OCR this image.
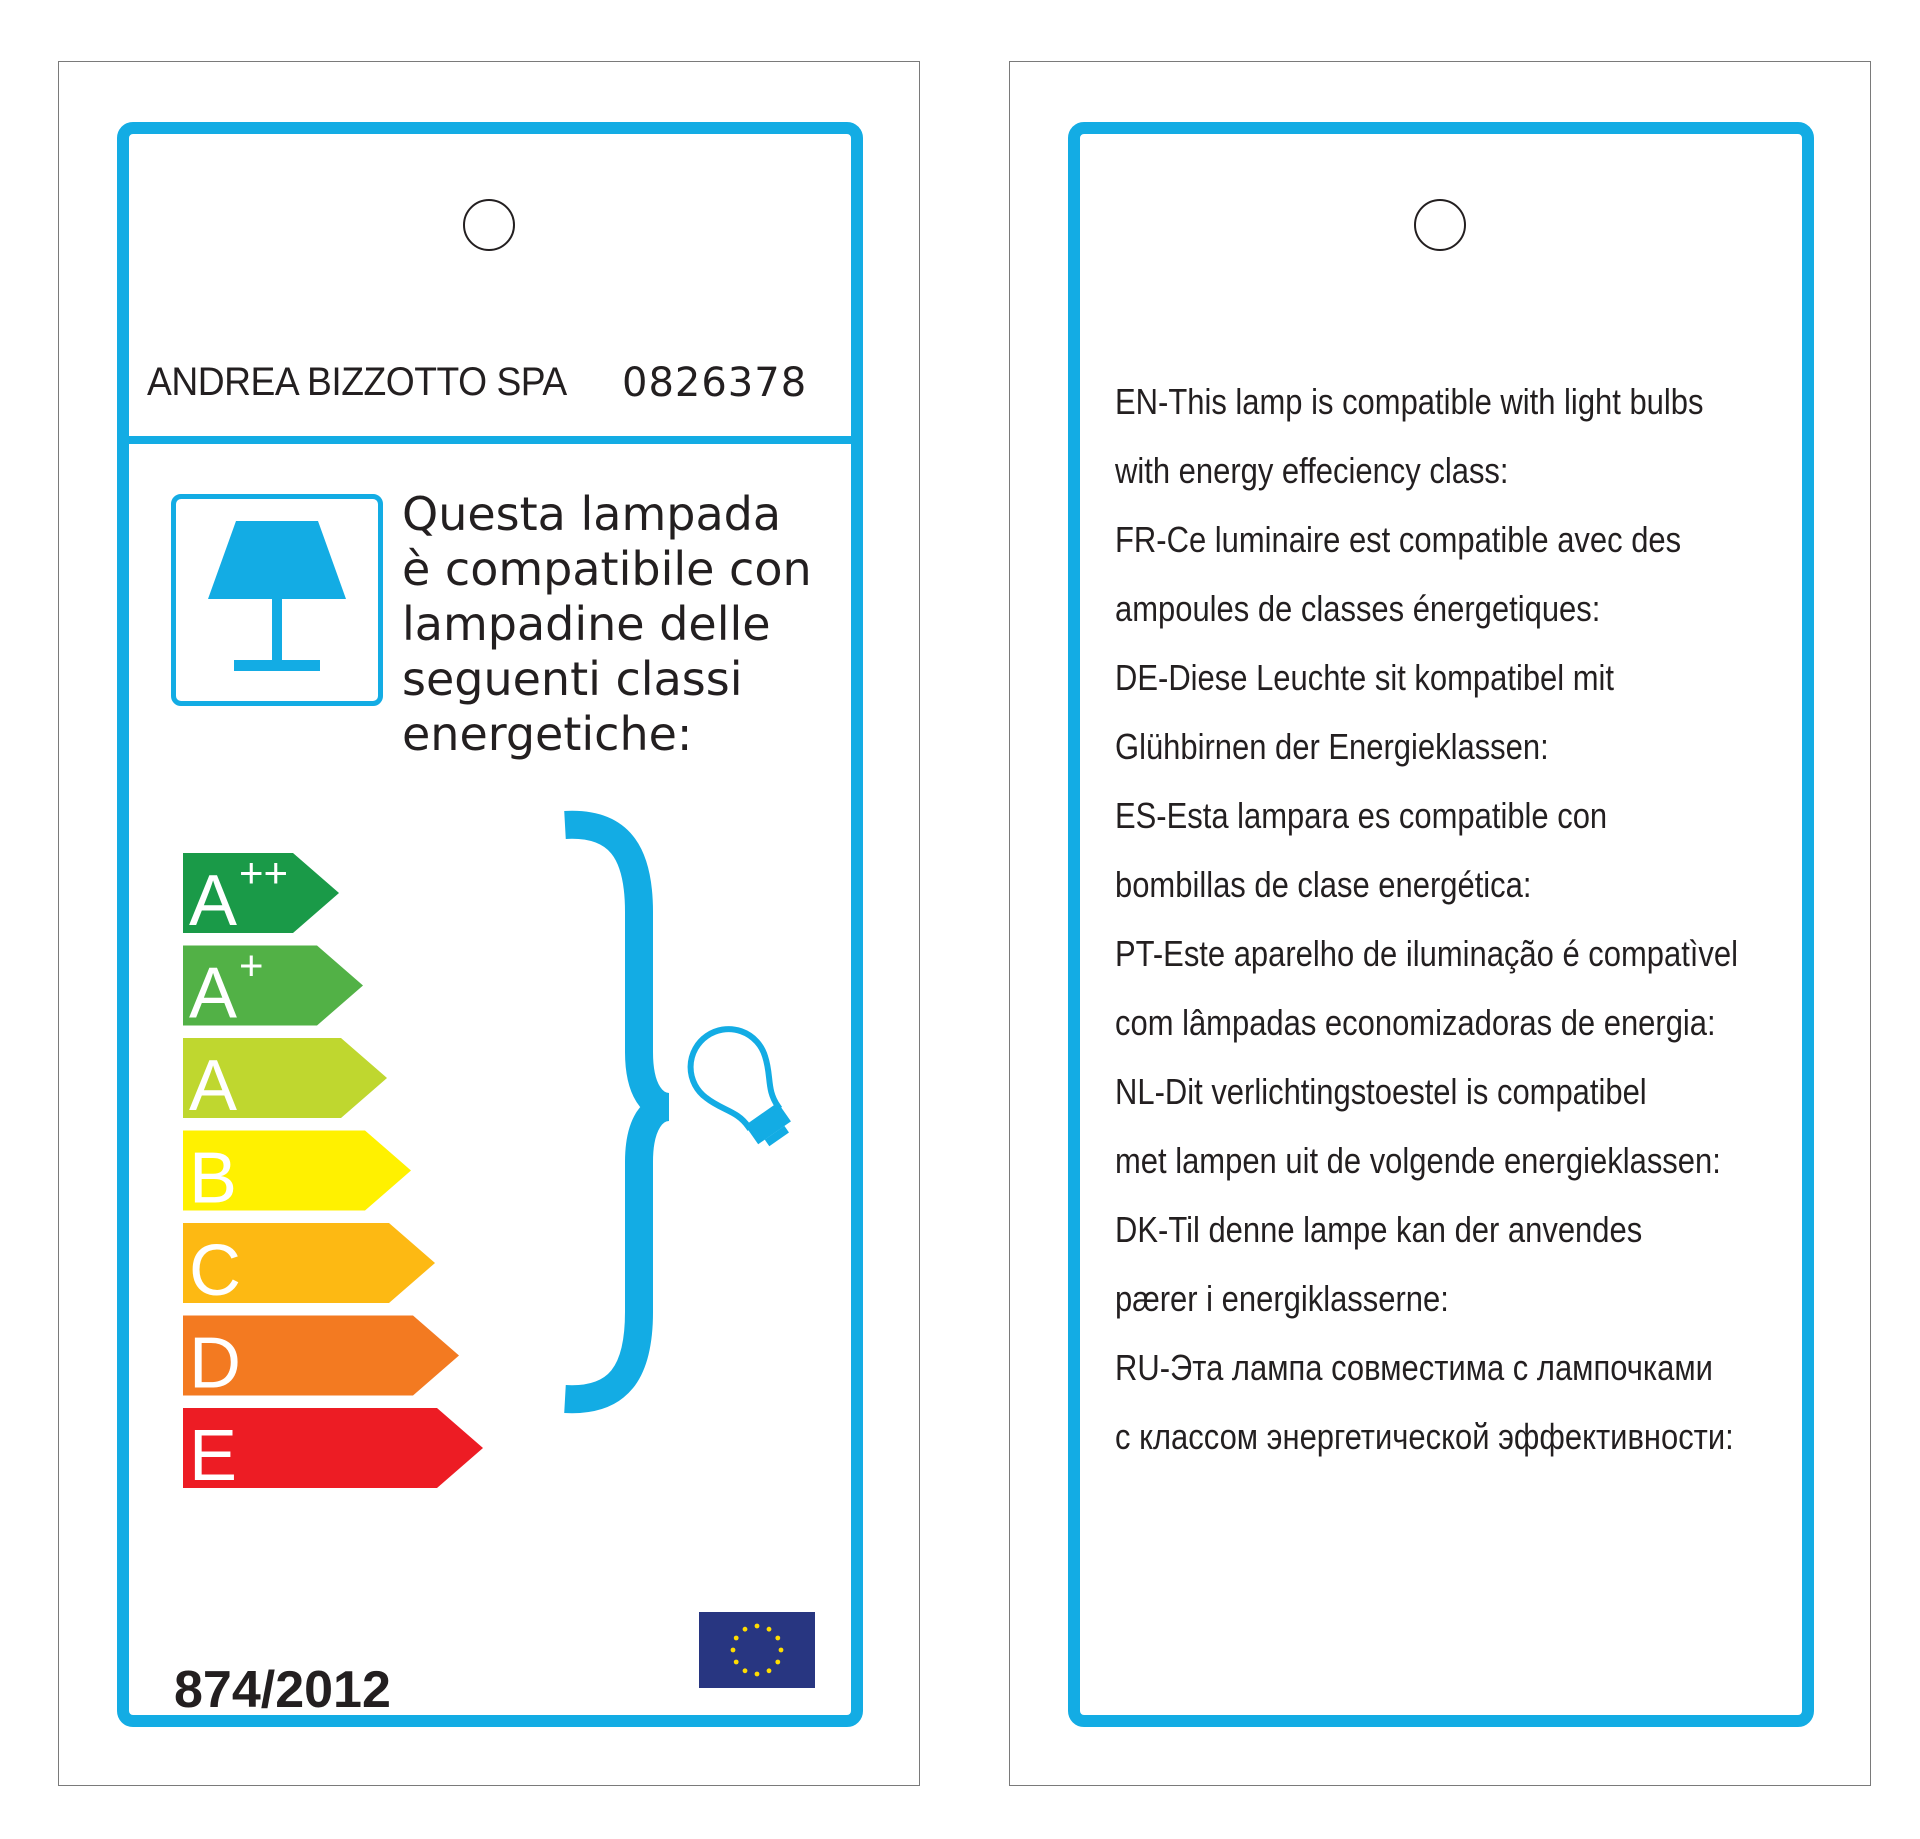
ANDREA BIZZOTTO SPA 0826378
Questa lampada
è compatibile con
lampadine delle
seguenti classi
energetiche:
A ++
A +
A
B
C
D
E
874/2012
EN-This lamp is compatible with light bulbs
with energy effeciency class:
FR-Ce luminaire est compatible avec des
ampoules de classes énergetiques:
DE-Diese Leuchte sit kompatibel mit
Glühbirnen der Energieklassen:
ES-Esta lampara es compatible con
bombillas de clase energética:
PT-Este aparelho de iluminação é compatìvel
com lâmpadas economizadoras de energia:
NL-Dit verlichtingstoestel is compatibel
met lampen uit de volgende energieklassen:
DK-Til denne lampe kan der anvendes
pærer i energiklasserne:
RU-Эта лампа совместима с лампочками
с классом энергетической эффективности:
